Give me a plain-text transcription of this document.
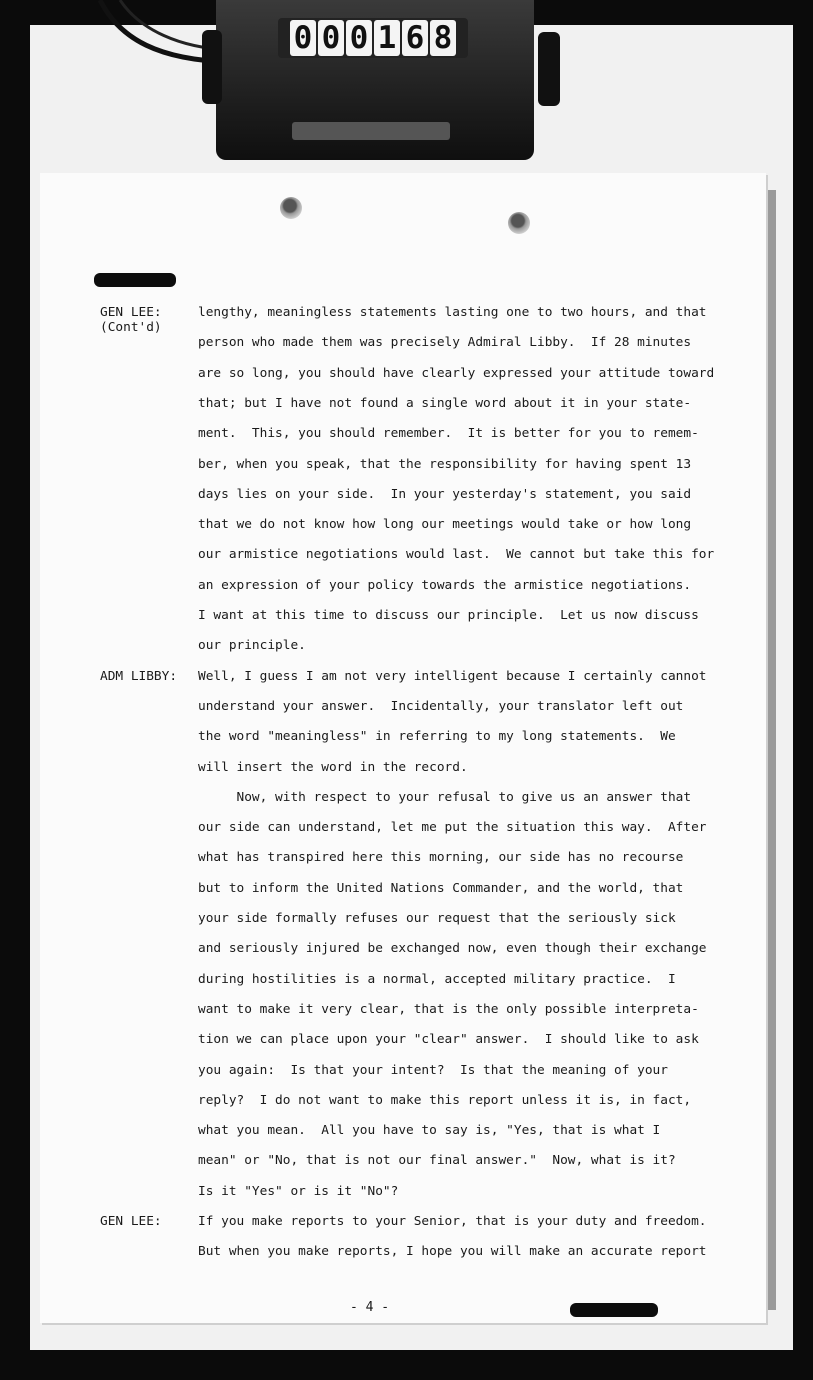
0 0 0 1 6 8
GEN LEE:
(Cont'd)
lengthy, meaningless statements lasting one to two hours, and that
person who made them was precisely Admiral Libby.  If 28 minutes
are so long, you should have clearly expressed your attitude toward
that; but I have not found a single word about it in your state-
ment.  This, you should remember.  It is better for you to remem-
ber, when you speak, that the responsibility for having spent 13
days lies on your side.  In your yesterday's statement, you said
that we do not know how long our meetings would take or how long
our armistice negotiations would last.  We cannot but take this for
an expression of your policy towards the armistice negotiations.
I want at this time to discuss our principle.  Let us now discuss
our principle.
ADM LIBBY: Well, I guess I am not very intelligent because I certainly cannot
understand your answer.  Incidentally, your translator left out
the word "meaningless" in referring to my long statements.  We
will insert the word in the record.
Now, with respect to your refusal to give us an answer that
our side can understand, let me put the situation this way.  After
what has transpired here this morning, our side has no recourse
but to inform the United Nations Commander, and the world, that
your side formally refuses our request that the seriously sick
and seriously injured be exchanged now, even though their exchange
during hostilities is a normal, accepted military practice.  I
want to make it very clear, that is the only possible interpreta-
tion we can place upon your "clear" answer.  I should like to ask
you again:  Is that your intent?  Is that the meaning of your
reply?  I do not want to make this report unless it is, in fact,
what you mean.  All you have to say is, "Yes, that is what I
mean" or "No, that is not our final answer."  Now, what is it?
Is it "Yes" or is it "No"?
GEN LEE:	If you make reports to your Senior, that is your duty and freedom.
But when you make reports, I hope you will make an accurate report
- 4 -
